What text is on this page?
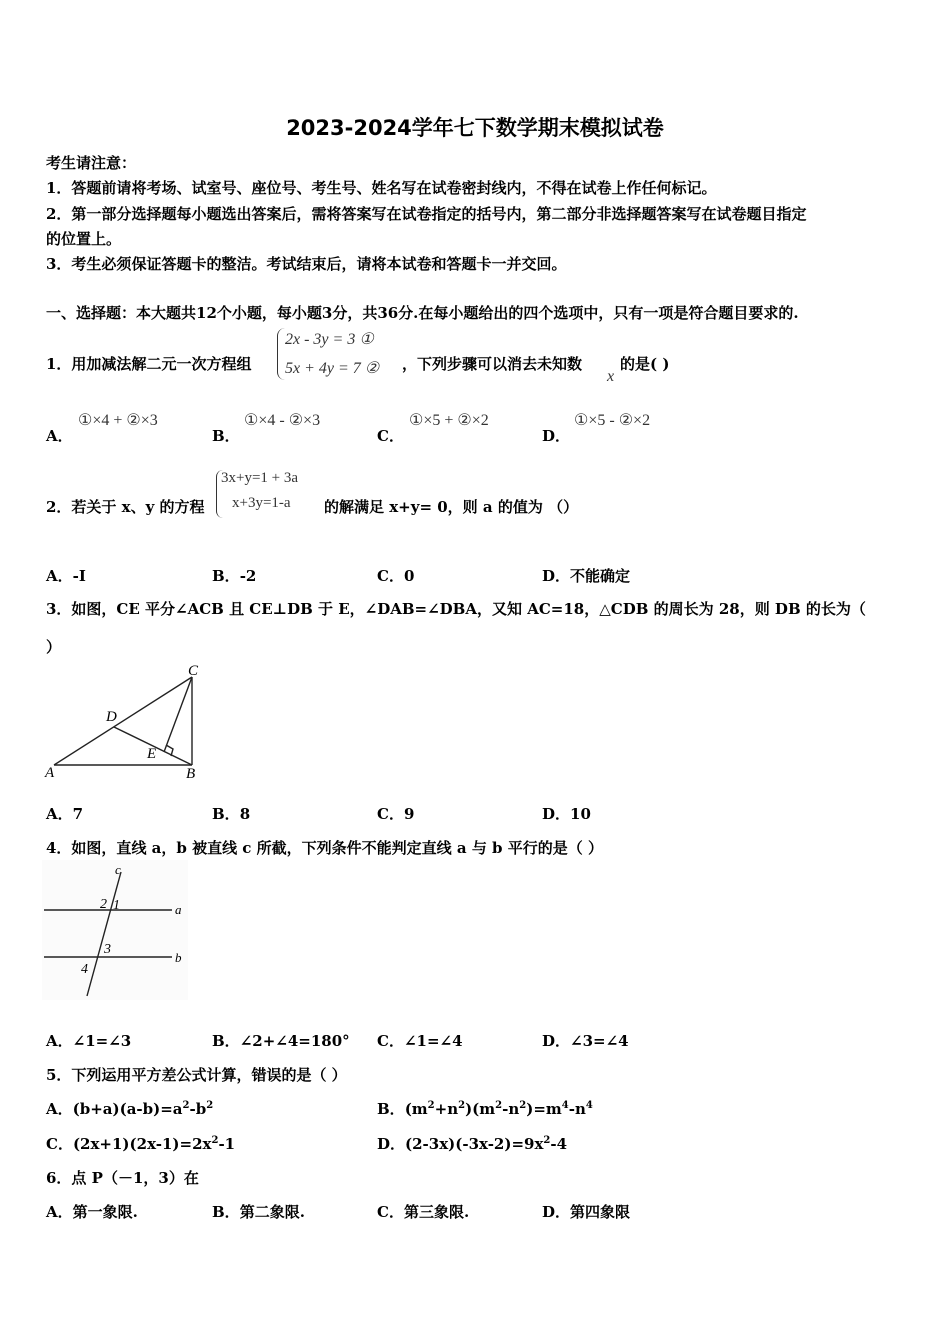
2023-2024学年七下数学期末模拟试卷
考生请注意：
1．答题前请将考场、试室号、座位号、考生号、姓名写在试卷密封线内，不得在试卷上作任何标记。
2．第一部分选择题每小题选出答案后，需将答案写在试卷指定的括号内，第二部分非选择题答案写在试卷题目指定
的位置上。
3．考生必须保证答题卡的整洁。考试结束后，请将本试卷和答题卡一并交回。
一、选择题：本大题共12个小题，每小题3分，共36分.在每小题给出的四个选项中，只有一项是符合题目要求的.
1．用加减法解二元一次方程组
2x - 3y = 3 ①
5x + 4y = 7 ② ，下列步骤可以消去未知数
x
的是( )
A．
①×4 + ②×3
B．
①×4 - ②×3
C．
①×5 + ②×2
D．
①×5 - ②×2
2．若关于 x、y 的方程
3x+y=1 + 3a
x+3y=1-a 的解满足 x+y= 0，则 a 的值为 （）
A．-I	B．-2	C．0	D．不能确定
3．如图，CE 平分∠ACB 且 CE⊥DB 于 E，∠DAB=∠DBA，又知 AC=18，△CDB 的周长为 28，则 DB 的长为（
）
C
D
E
A	B
A．7	B．8	C．9	D．10
4．如图，直线 a，b 被直线 c 所截，下列条件不能判定直线 a 与 b 平行的是（ ）
c
a
b
2 1
3
4
A．∠1=∠3	B．∠2+∠4=180° C．∠1=∠4	D．∠3=∠4
5．下列运用平方差公式计算，错误的是（ ）
A．$(b+a)(a-b)=a^2-b^2$	B．$(m^2+n^2)(m^2-n^2)=m^4-n^4$
C．$(2x+1)(2x-1)=2x^2-1$	D．$(2-3x)(-3x-2)=9x^2-4$
6．点 P（－1，3）在
A．第一象限.	B．第二象限.	C．第三象限.	D．第四象限
